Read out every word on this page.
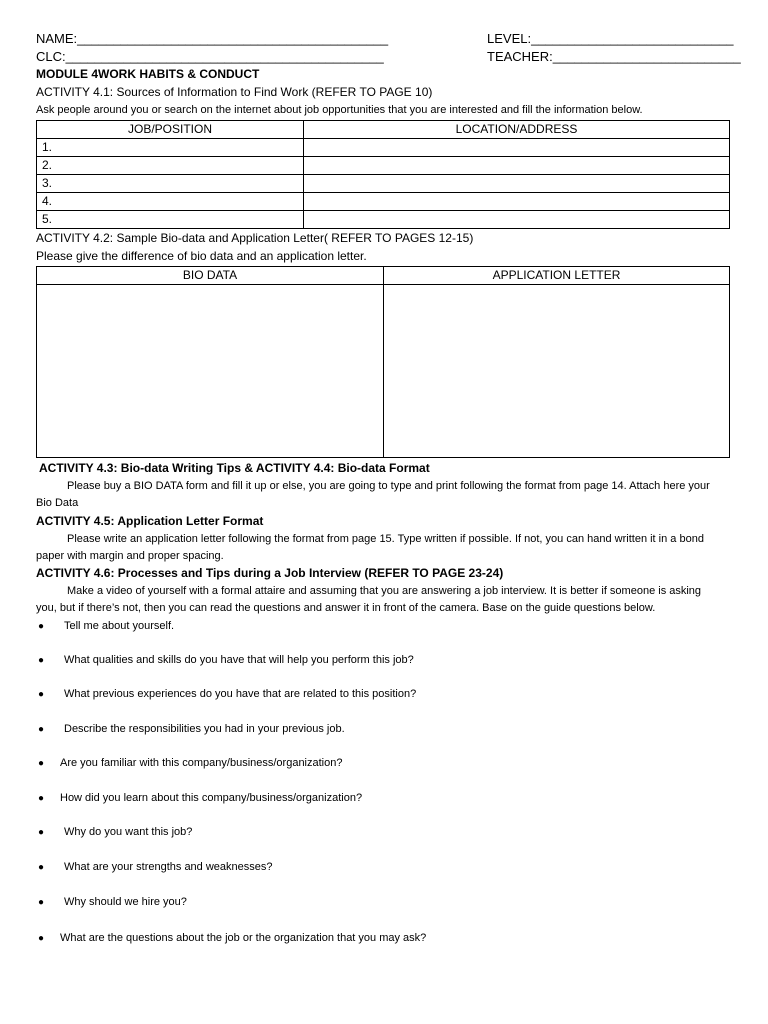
NAME:___________________________________________
CLC:____________________________________________
LEVEL:____________________________
TEACHER:__________________________
MODULE 4WORK HABITS & CONDUCT
ACTIVITY 4.1: Sources of Information to Find Work (REFER TO PAGE 10)
Ask people around you or search on the internet about job opportunities that you are interested and fill the information below.
JOB/POSITION	LOCATION/ADDRESS
1.	
2.	
3.	
4.	
5.	
ACTIVITY 4.2: Sample Bio-data and Application Letter( REFER TO PAGES 12-15)
Please give the difference of bio data and an application letter.
BIO DATA	APPLICATION LETTER

ACTIVITY 4.3: Bio-data Writing Tips & ACTIVITY 4.4: Bio-data Format
Please buy a BIO DATA form and fill it up or else, you are going to type and print following the format from page 14. Attach here your Bio Data
ACTIVITY 4.5: Application Letter Format
Please write an application letter following the format from page 15. Type written if possible. If not, you can hand written it in a bond paper with margin and proper spacing.
ACTIVITY 4.6: Processes and Tips during a Job Interview (REFER TO PAGE 23-24)
Make a video of yourself with a formal attaire and assuming that you are answering a job interview. It is better if someone is asking you, but if there’s not, then you can read the questions and answer it in front of the camera. Base on the guide questions below.
● Tell me about yourself.
● What qualities and skills do you have that will help you perform this job?
● What previous experiences do you have that are related to this position?
● Describe the responsibilities you had in your previous job.
● Are you familiar with this company/business/organization?
● How did you learn about this company/business/organization?
● Why do you want this job?
● What are your strengths and weaknesses?
● Why should we hire you?
● What are the questions about the job or the organization that you may ask?
